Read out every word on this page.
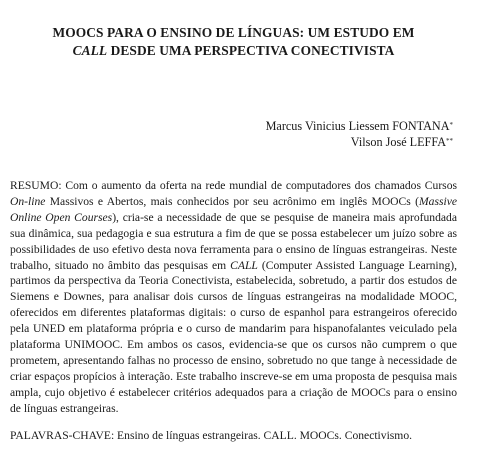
MOOCS PARA O ENSINO DE LÍNGUAS: UM ESTUDO EM
CALL DESDE UMA PERSPECTIVA CONECTIVISTA
Marcus Vinicius Liessem FONTANA*
Vilson José LEFFA**

RESUMO: Com o aumento da oferta na rede mundial de computadores dos chamados Cursos On-line Massivos e Abertos, mais conhecidos por seu acrônimo em inglês MOOCs (Massive Online Open Courses), cria-se a necessidade de que se pesquise de maneira mais aprofundada sua dinâmica, sua pedagogia e sua estrutura a fim de que se possa estabelecer um juízo sobre as possibilidades de uso efetivo desta nova ferramenta para o ensino de línguas estrangeiras. Neste trabalho, situado no âmbito das pesquisas em CALL (Computer Assisted Language Learning), partimos da perspectiva da Teoria Conectivista, estabelecida, sobretudo, a partir dos estudos de Siemens e Downes, para analisar dois cursos de línguas estrangeiras na modalidade MOOC, oferecidos em diferentes plataformas digitais: o curso de espanhol para estrangeiros oferecido pela UNED em plataforma própria e o curso de mandarim para hispanofalantes veiculado pela plataforma UNIMOOC. Em ambos os casos, evidencia-se que os cursos não cumprem o que prometem, apresentando falhas no processo de ensino, sobretudo no que tange à necessidade de criar espaços propícios à interação. Este trabalho inscreve-se em uma proposta de pesquisa mais ampla, cujo objetivo é estabelecer critérios adequados para a criação de MOOCs para o ensino de línguas estrangeiras.

PALAVRAS-CHAVE: Ensino de línguas estrangeiras. CALL. MOOCs. Conectivismo.
